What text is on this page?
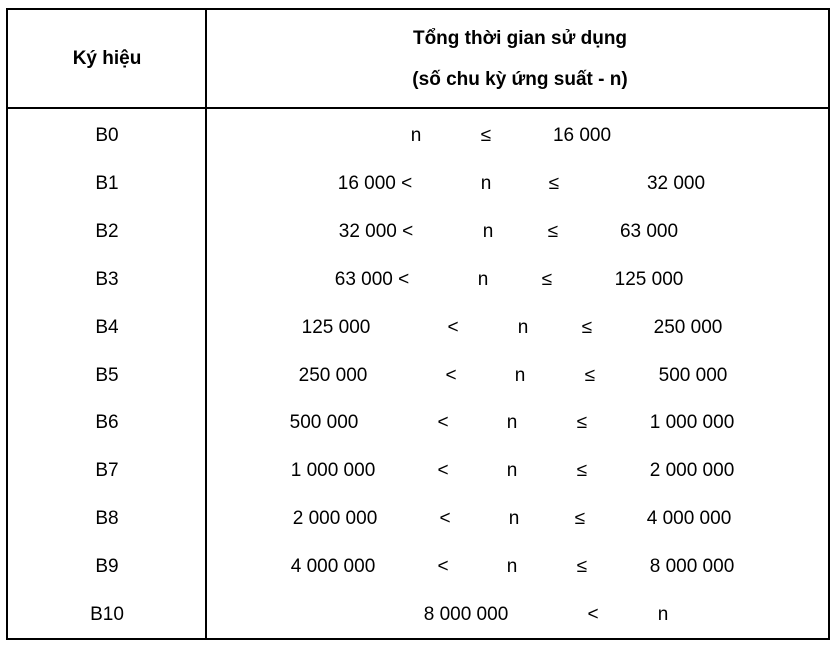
Ký hiệu
Tổng thời gian sử dụng
(số chu kỳ ứng suất - n)
B0	n	≤	16 000
B1	16 000 <	n	≤	32 000
B2	32 000 <	n	≤	63 000
B3	63 000 <	n	≤	125 000
B4	125 000	<	n	≤	250 000
B5	250 000	<	n	≤	500 000
B6	500 000	<	n	≤	1 000 000
B7	1 000 000	<	n	≤	2 000 000
B8	2 000 000	<	n	≤	4 000 000
B9	4 000 000	<	n	≤	8 000 000
B10	8 000 000	<	n
